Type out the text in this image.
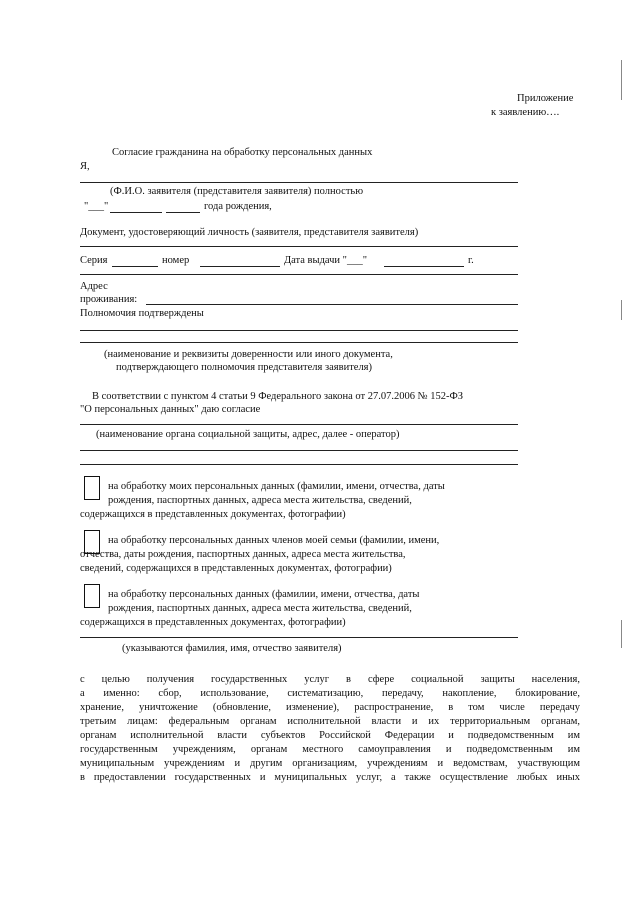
Приложение
к заявлению….
Согласие гражданина на обработку персональных данных
Я,
(Ф.И.О. заявителя (представителя заявителя) полностью
"___"	года рождения,
Документ, удостоверяющий личность (заявителя, представителя заявителя)
Серия	номер	Дата выдачи "___"	г.
Адрес
проживания:
Полномочия подтверждены
(наименование и реквизиты доверенности или иного документа,
подтверждающего полномочия представителя заявителя)
В соответствии с пунктом 4 статьи 9 Федерального закона от 27.07.2006 № 152-ФЗ
"О персональных данных" даю согласие
(наименование органа социальной защиты, адрес, далее - оператор)
на обработку моих персональных данных (фамилии, имени, отчества, даты
рождения, паспортных данных, адреса места жительства, сведений,
содержащихся в представленных документах, фотографии)
на обработку персональных данных членов моей семьи (фамилии, имени,
отчества, даты рождения, паспортных данных, адреса места жительства,
сведений, содержащихся в представленных документах, фотографии)
на обработку персональных данных (фамилии, имени, отчества, даты
рождения, паспортных данных, адреса места жительства, сведений,
содержащихся в представленных документах, фотографии)
(указываются фамилия, имя, отчество заявителя)
с целью получения государственных услуг в сфере социальной защиты населения,
а именно: сбор, использование, систематизацию, передачу, накопление, блокирование,
хранение, уничтожение (обновление, изменение), распространение, в том числе передачу
третьим лицам: федеральным органам исполнительной власти и их территориальным органам,
органам исполнительной власти субъектов Российской Федерации и подведомственным им
государственным учреждениям, органам местного самоуправления и подведомственным им
муниципальным учреждениям и другим организациям, учреждениям и ведомствам, участвующим
в предоставлении государственных и муниципальных услуг, а также осуществление любых иных
